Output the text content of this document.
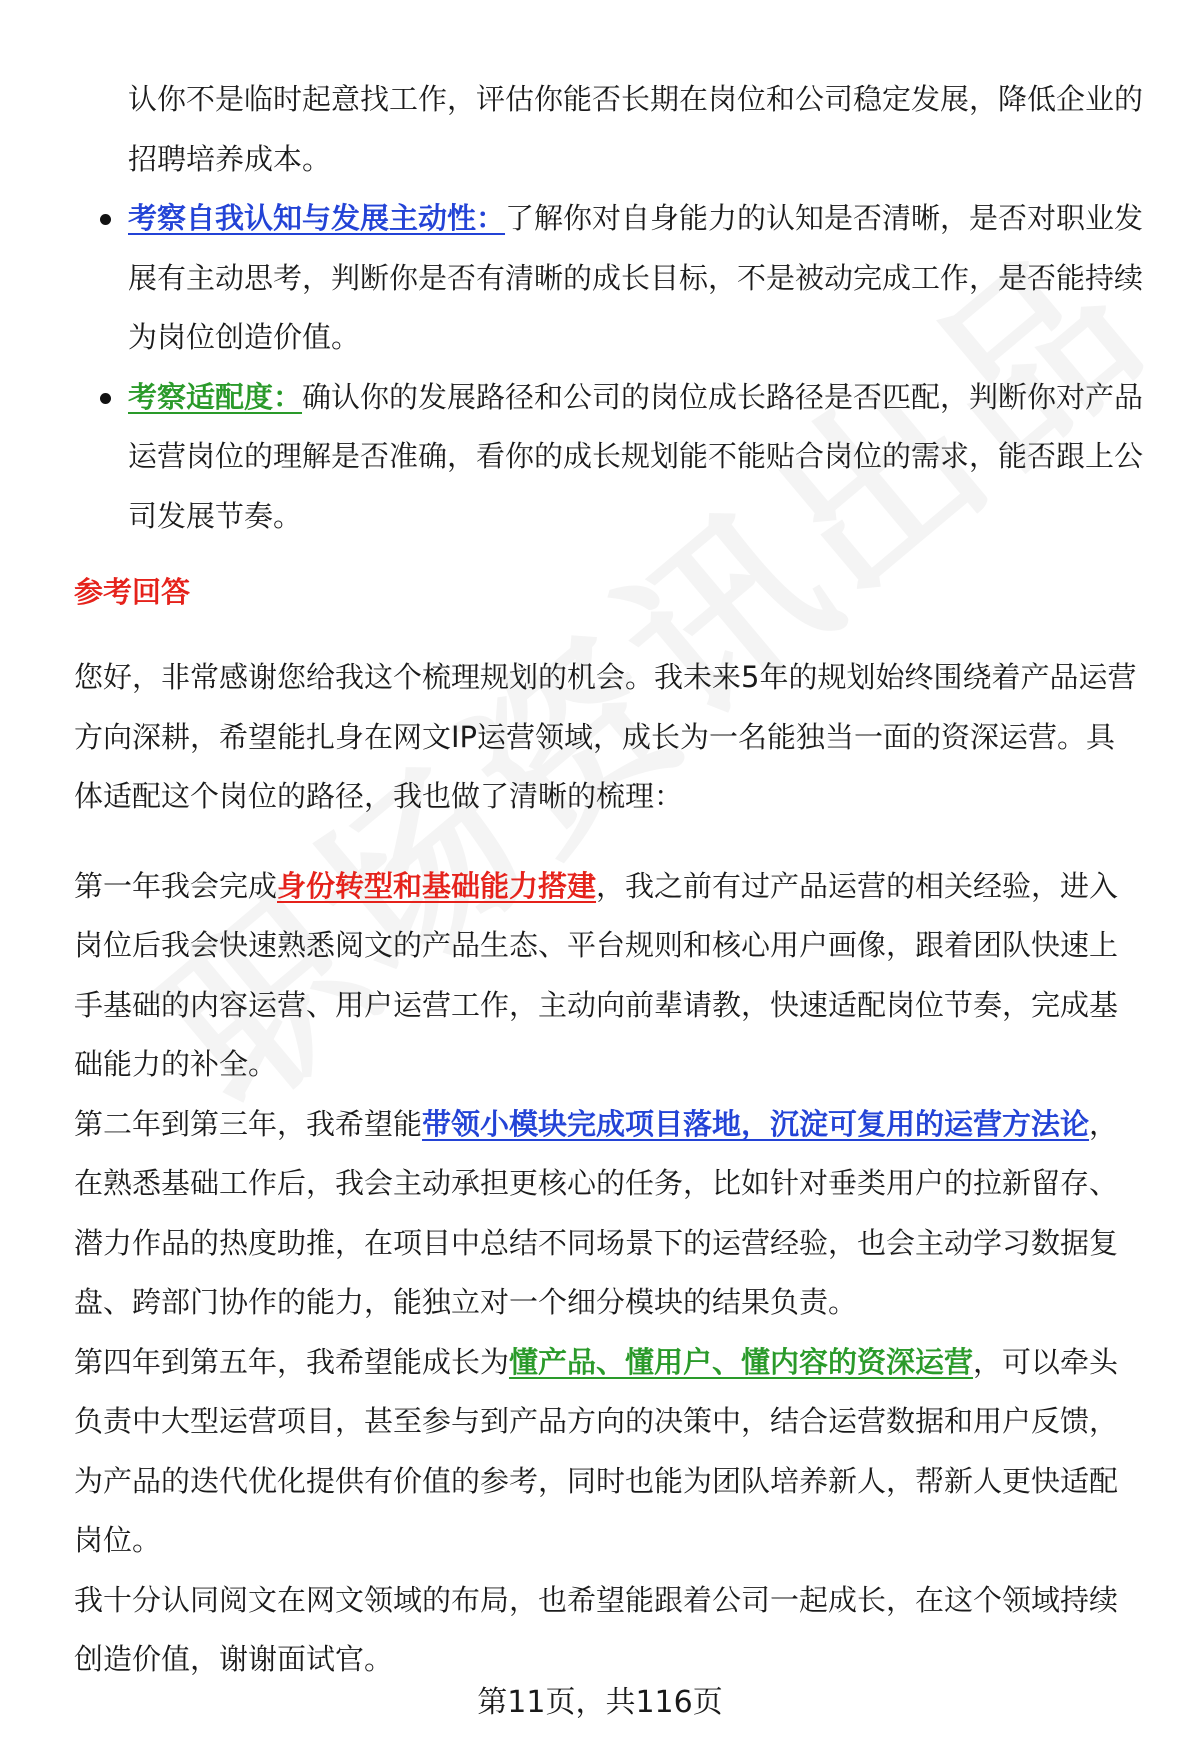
认你不是临时起意找工作，评估你能否长期在岗位和公司稳定发展，降低企业的招聘培养成本。
考察自我认知与发展主动性：了解你对自身能力的认知是否清晰，是否对职业发展有主动思考，判断你是否有清晰的成长目标，不是被动完成工作，是否能持续为岗位创造价值。
考察适配度：确认你的发展路径和公司的岗位成长路径是否匹配，判断你对产品运营岗位的理解是否准确，看你的成长规划能不能贴合岗位的需求，能否跟上公司发展节奏。
参考回答

您好，非常感谢您给我这个梳理规划的机会。我未来5年的规划始终围绕着产品运营方向深耕，希望能扎身在网文IP运营领域，成长为一名能独当一面的资深运营。具体适配这个岗位的路径，我也做了清晰的梳理：

第一年我会完成身份转型和基础能力搭建，我之前有过产品运营的相关经验，进入岗位后我会快速熟悉阅文的产品生态、平台规则和核心用户画像，跟着团队快速上手基础的内容运营、用户运营工作，主动向前辈请教，快速适配岗位节奏，完成基础能力的补全。

第二年到第三年，我希望能带领小模块完成项目落地，沉淀可复用的运营方法论，在熟悉基础工作后，我会主动承担更核心的任务，比如针对垂类用户的拉新留存、潜力作品的热度助推，在项目中总结不同场景下的运营经验，也会主动学习数据复盘、跨部门协作的能力，能独立对一个细分模块的结果负责。

第四年到第五年，我希望能成长为懂产品、懂用户、懂内容的资深运营，可以牵头负责中大型运营项目，甚至参与到产品方向的决策中，结合运营数据和用户反馈，为产品的迭代优化提供有价值的参考，同时也能为团队培养新人，帮新人更快适配岗位。

我十分认同阅文在网文领域的布局，也希望能跟着公司一起成长，在这个领域持续创造价值，谢谢面试官。

第11页，共116页
